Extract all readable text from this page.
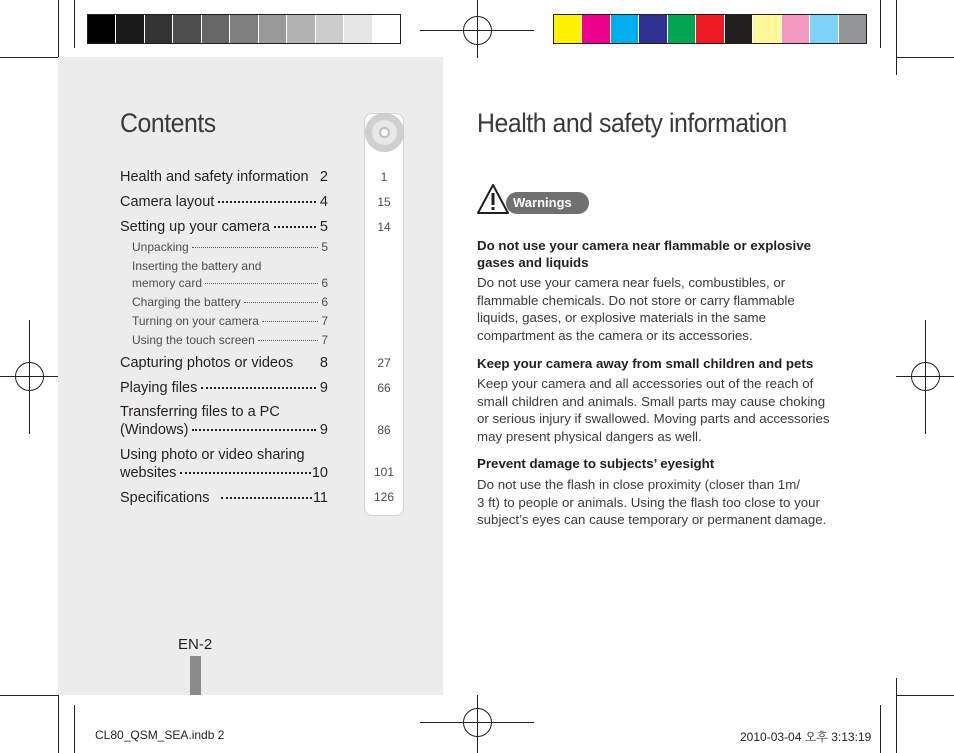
Contents
Health and safety information 2
Camera layout	4
Setting up your camera	5
Unpacking	5
Inserting the battery and
memory card	6
Charging the battery	6
Turning on your camera	7
Using the touch screen	7
Capturing photos or videos 8
Playing files	9
Transferring files to a PC
(Windows)	9
Using photo or video sharing
websites	10
Specifications	11
1
15
14
27
66
86
101
126
EN-2
Health and safety information
Warnings
Do not use your camera near flammable or explosive gases and liquids
Do not use your camera near fuels, combustibles, or
flammable chemicals. Do not store or carry flammable
liquids, gases, or explosive materials in the same
compartment as the camera or its accessories.
Keep your camera away from small children and pets
Keep your camera and all accessories out of the reach of
small children and animals. Small parts may cause choking
or serious injury if swallowed. Moving parts and accessories
may present physical dangers as well.
Prevent damage to subjects’ eyesight
Do not use the flash in close proximity (closer than 1m/
3 ft) to people or animals. Using the flash too close to your
subject’s eyes can cause temporary or permanent damage.
CL80_QSM_SEA.indb 2	2010-03-04 오후 3:13:19
